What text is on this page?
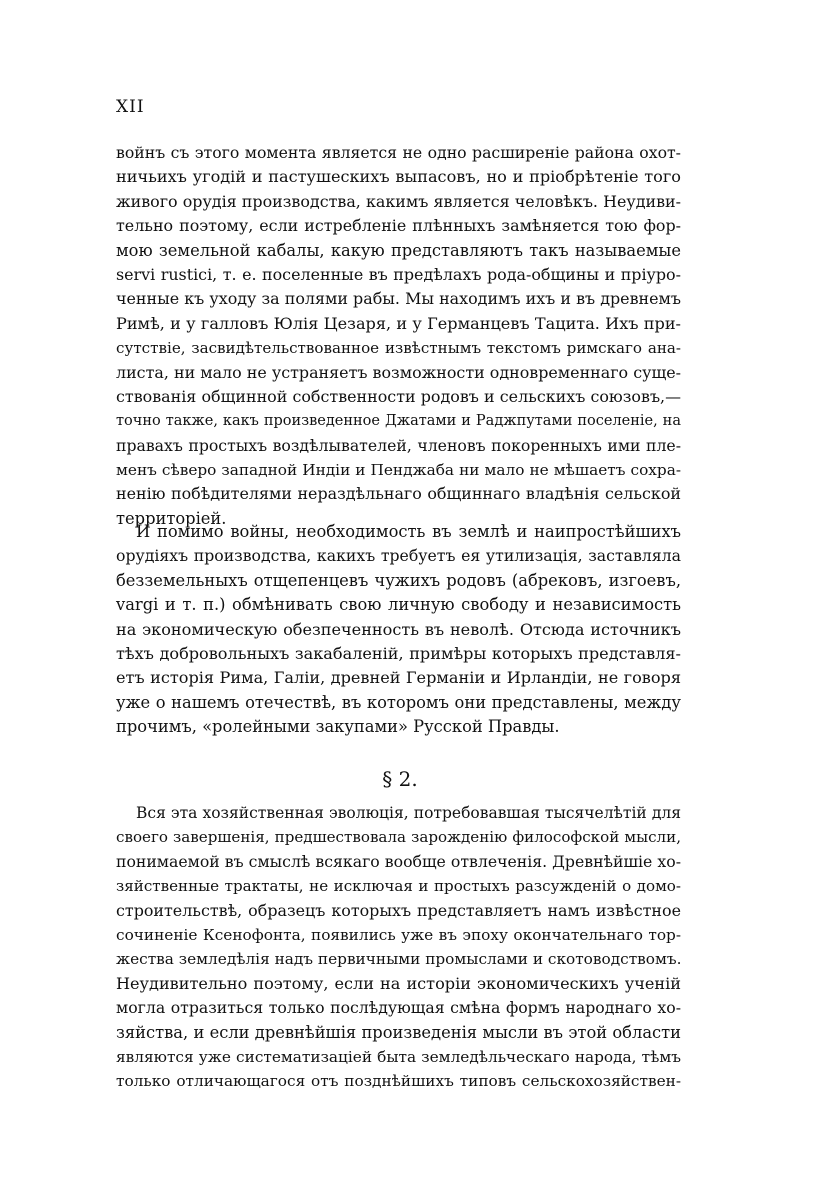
XII
войнъ съ этого момента является не одно расширеніе района охот-
ничьихъ угодій и пастушескихъ выпасовъ, но и пріобрѣтеніе того
живого орудія производства, какимъ является человѣкъ. Неудиви-
тельно поэтому, если истребленіе плѣнныхъ замѣняется тою фор-
мою земельной кабалы, какую представляютъ такъ называемые
servi rustici, т. е. поселенные въ предѣлахъ рода-общины и пріуро-
ченные къ уходу за полями рабы. Мы находимъ ихъ и въ древнемъ
Римѣ, и у галловъ Юлія Цезаря, и у Германцевъ Тацита. Ихъ при-
сутствіе, засвидѣтельствованное извѣстнымъ текстомъ римскаго ана-
листа, ни мало не устраняетъ возможности одновременнаго суще-
ствованія общинной собственности родовъ и сельскихъ союзовъ,—
точно также, какъ произведенное Джатами и Раджпутами поселеніе, на
правахъ простыхъ воздѣлывателей, членовъ покоренныхъ ими пле-
менъ сѣверо западной Индіи и Пенджаба ни мало не мѣшаетъ сохра-
ненію побѣдителями нераздѣльнаго общиннаго владѣнія сельской
территоріей.
И помимо войны, необходимость въ землѣ и наипростѣйшихъ
орудіяхъ производства, какихъ требуетъ ея утилизація, заставляла
безземельныхъ отщепенцевъ чужихъ родовъ (абрековъ, изгоевъ,
vargi и т. п.) обмѣнивать свою личную свободу и независимость
на экономическую обезпеченность въ неволѣ. Отсюда источникъ
тѣхъ добровольныхъ закабаленій, примѣры которыхъ представля-
етъ исторія Рима, Галіи, древней Германіи и Ирландіи, не говоря
уже о нашемъ отечествѣ, въ которомъ они представлены, между
прочимъ, «ролейными закупами» Русской Правды.
§ 2.
Вся эта хозяйственная эволюція, потребовавшая тысячелѣтій для
своего завершенія, предшествовала зарожденію философской мысли,
понимаемой въ смыслѣ всякаго вообще отвлеченія. Древнѣйшіе хо-
зяйственные трактаты, не исключая и простыхъ разсужденій о домо-
строительствѣ, образецъ которыхъ представляетъ намъ извѣстное
сочиненіе Ксенофонта, появились уже въ эпоху окончательнаго тор-
жества земледѣлія надъ первичными промыслами и скотоводствомъ.
Неудивительно поэтому, если на исторіи экономическихъ ученій
могла отразиться только послѣдующая смѣна формъ народнаго хо-
зяйства, и если древнѣйшія произведенія мысли въ этой области
являются уже систематизаціей быта земледѣльческаго народа, тѣмъ
только отличающагося отъ позднѣйшихъ типовъ сельскохозяйствен-
